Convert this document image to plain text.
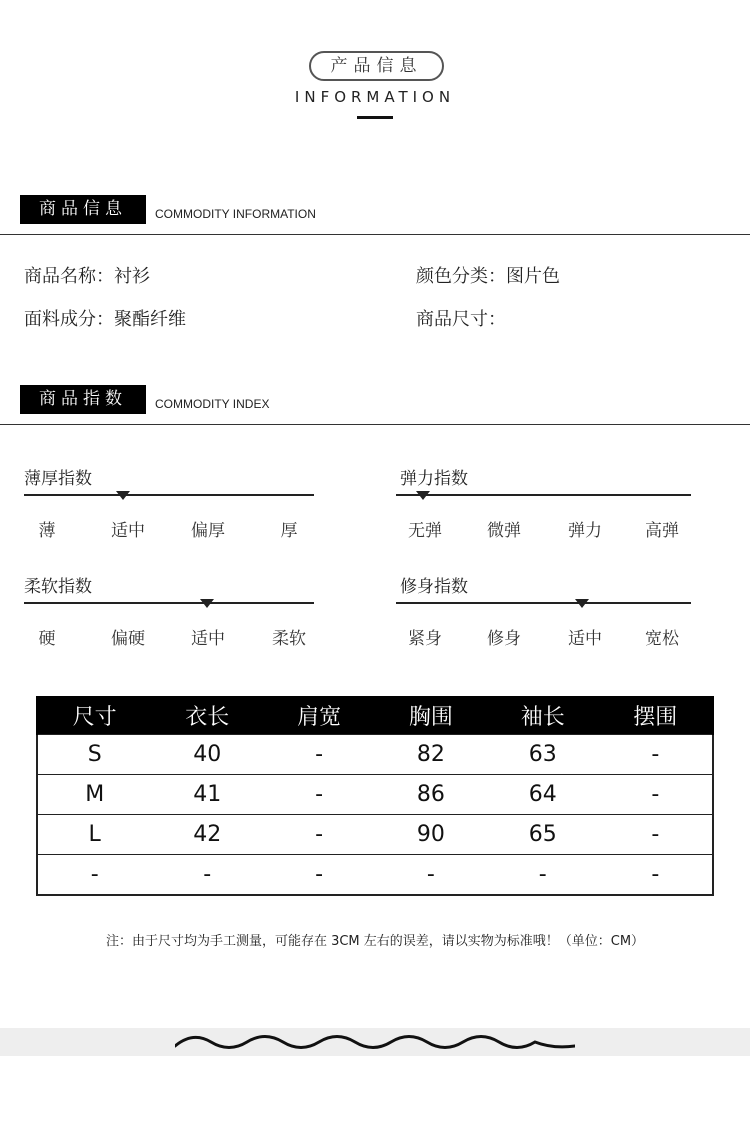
产品信息
INFORMATION
商品信息	COMMODITY INFORMATION
商品名称：衬衫	颜色分类：图片色
面料成分：聚酯纤维	商品尺寸：
商品指数	COMMODITY INDEX
薄厚指数
薄	适中	偏厚	厚
弹力指数
无弹	微弹	弹力	高弹
柔软指数
硬	偏硬	适中	柔软
修身指数
紧身	修身	适中	宽松
尺寸	衣长	肩宽	胸围	袖长	摆围
S	40	-	82	63	-
M	41	-	86	64	-
L	42	-	90	65	-
-	-	-	-	-	-
注：由于尺寸均为手工测量，可能存在 3CM 左右的误差，请以实物为标准哦！（单位：CM）
